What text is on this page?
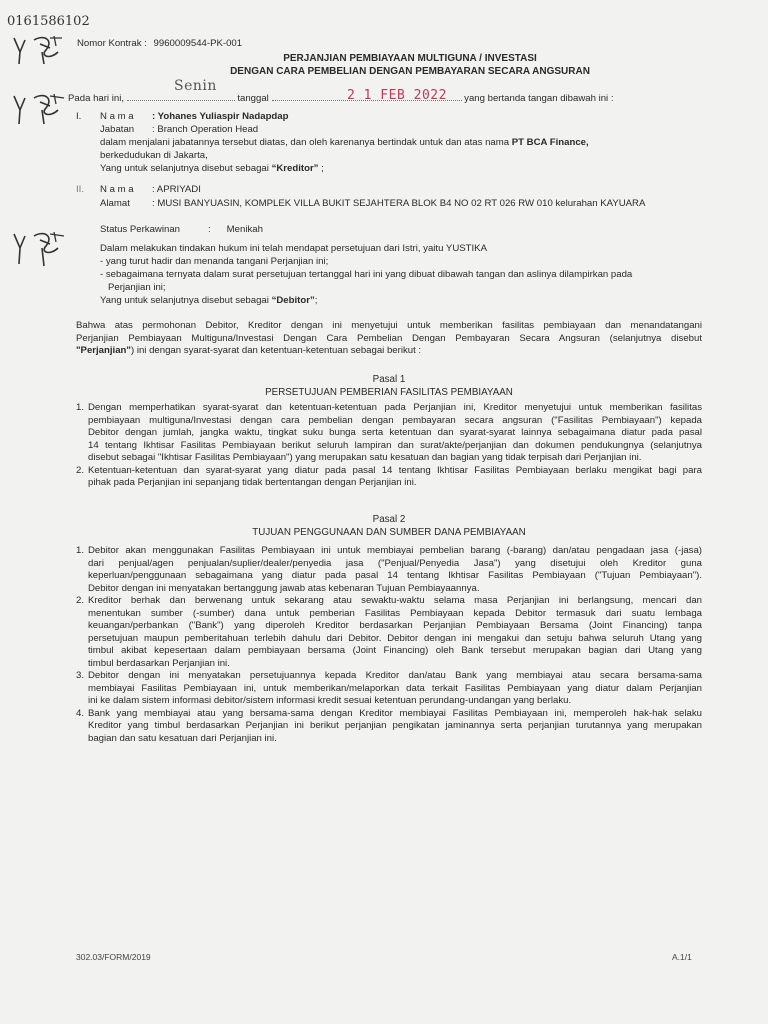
0161586102
Nomor Kontrak : 9960009544-PK-001
PERJANJIAN PEMBIAYAAN MULTIGUNA / INVESTASI
DENGAN CARA PEMBELIAN DENGAN PEMBAYARAN SECARA ANGSURAN
Pada hari ini,	tanggal	yang bertanda tangan dibawah ini :
Senin
2 1 FEB 2022
I. N a m a : Yohanes Yuliaspir Nadapdap
Jabatan : Branch Operation Head
dalam menjalani jabatannya tersebut diatas, dan oleh karenanya bertindak untuk dan atas nama PT BCA Finance,
berkedudukan di Jakarta,
Yang untuk selanjutnya disebut sebagai “Kreditor” ;
II. N a m a : APRIYADI
Alamat : MUSI BANYUASIN, KOMPLEK VILLA BUKIT SEJAHTERA BLOK B4 NO 02 RT 026 RW 010 kelurahan KAYUARA
Status Perkawinan	:      Menikah
Dalam melakukan tindakan hukum ini telah mendapat persetujuan dari Istri, yaitu YUSTIKA
- yang turut hadir dan menanda tangani Perjanjian ini;
- sebagaimana ternyata dalam surat persetujuan tertanggal hari ini yang dibuat dibawah tangan dan aslinya dilampirkan pada
Perjanjian ini;
Yang untuk selanjutnya disebut sebagai “Debitor”;
Bahwa atas permohonan Debitor, Kreditor dengan ini menyetujui untuk memberikan fasilitas pembiayaan dan menandatangani
Perjanjian Pembiayaan Multiguna/Investasi Dengan Cara Pembelian Dengan Pembayaran Secara Angsuran (selanjutnya disebut
"Perjanjian") ini dengan syarat-syarat dan ketentuan-ketentuan sebagai berikut :
Pasal 1
PERSETUJUAN PEMBERIAN FASILITAS PEMBIAYAAN
1. Dengan memperhatikan syarat-syarat dan ketentuan-ketentuan pada Perjanjian ini, Kreditor menyetujui untuk memberikan fasilitas
pembiayaan multiguna/Investasi dengan cara pembelian dengan pembayaran secara angsuran ("Fasilitas Pembiayaan") kepada
Debitor dengan jumlah, jangka waktu, tingkat suku bunga serta ketentuan dan syarat-syarat lainnya sebagaimana diatur pada pasal
14 tentang Ikhtisar Fasilitas Pembiayaan berikut seluruh lampiran dan surat/akte/perjanjian dan dokumen pendukungnya (selanjutnya
disebut sebagai "Ikhtisar Fasilitas Pembiayaan") yang merupakan satu kesatuan dan bagian yang tidak terpisah dari Perjanjian ini.
2. Ketentuan-ketentuan dan syarat-syarat yang diatur pada pasal 14 tentang Ikhtisar Fasilitas Pembiayaan berlaku mengikat bagi para
pihak pada Perjanjian ini sepanjang tidak bertentangan dengan Perjanjian ini.
Pasal 2
TUJUAN PENGGUNAAN DAN SUMBER DANA PEMBIAYAAN
1. Debitor akan menggunakan Fasilitas Pembiayaan ini untuk membiayai pembelian barang (-barang) dan/atau pengadaan jasa (-jasa)
dari penjual/agen penjualan/suplier/dealer/penyedia jasa ("Penjual/Penyedia Jasa") yang disetujui oleh Kreditor guna
keperluan/penggunaan sebagaimana yang diatur pada pasal 14 tentang Ikhtisar Fasilitas Pembiayaan ("Tujuan Pembiayaan").
Debitor dengan ini menyatakan bertanggung jawab atas kebenaran Tujuan Pembiayaannya.
2. Kreditor berhak dan berwenang untuk sekarang atau sewaktu-waktu selama masa Perjanjian ini berlangsung, mencari dan
menentukan sumber (-sumber) dana untuk pemberian Fasilitas Pembiayaan kepada Debitor termasuk dari suatu lembaga
keuangan/perbankan ("Bank") yang diperoleh Kreditor berdasarkan Perjanjian Pembiayaan Bersama (Joint Financing) tanpa
persetujuan maupun pemberitahuan terlebih dahulu dari Debitor. Debitor dengan ini mengakui dan setuju bahwa seluruh Utang yang
timbul akibat kepesertaan dalam pembiayaan bersama (Joint Financing) oleh Bank tersebut merupakan bagian dari Utang yang
timbul berdasarkan Perjanjian ini.
3. Debitor dengan ini menyatakan persetujuannya kepada Kreditor dan/atau Bank yang membiayai atau secara bersama-sama
membiayai Fasilitas Pembiayaan ini, untuk memberikan/melaporkan data terkait Fasilitas Pembiayaan yang diatur dalam Perjanjian
ini ke dalam sistem informasi debitor/sistem informasi kredit sesuai ketentuan perundang-undangan yang berlaku.
4. Bank yang membiayai atau yang bersama-sama dengan Kreditor membiayai Fasilitas Pembiayaan ini, memperoleh hak-hak selaku
Kreditor yang timbul berdasarkan Perjanjian ini berikut perjanjian pengikatan jaminannya serta perjanjian turutannya yang merupakan
bagian dan satu kesatuan dari Perjanjian ini.
302.03/FORM/2019	A.1/1
